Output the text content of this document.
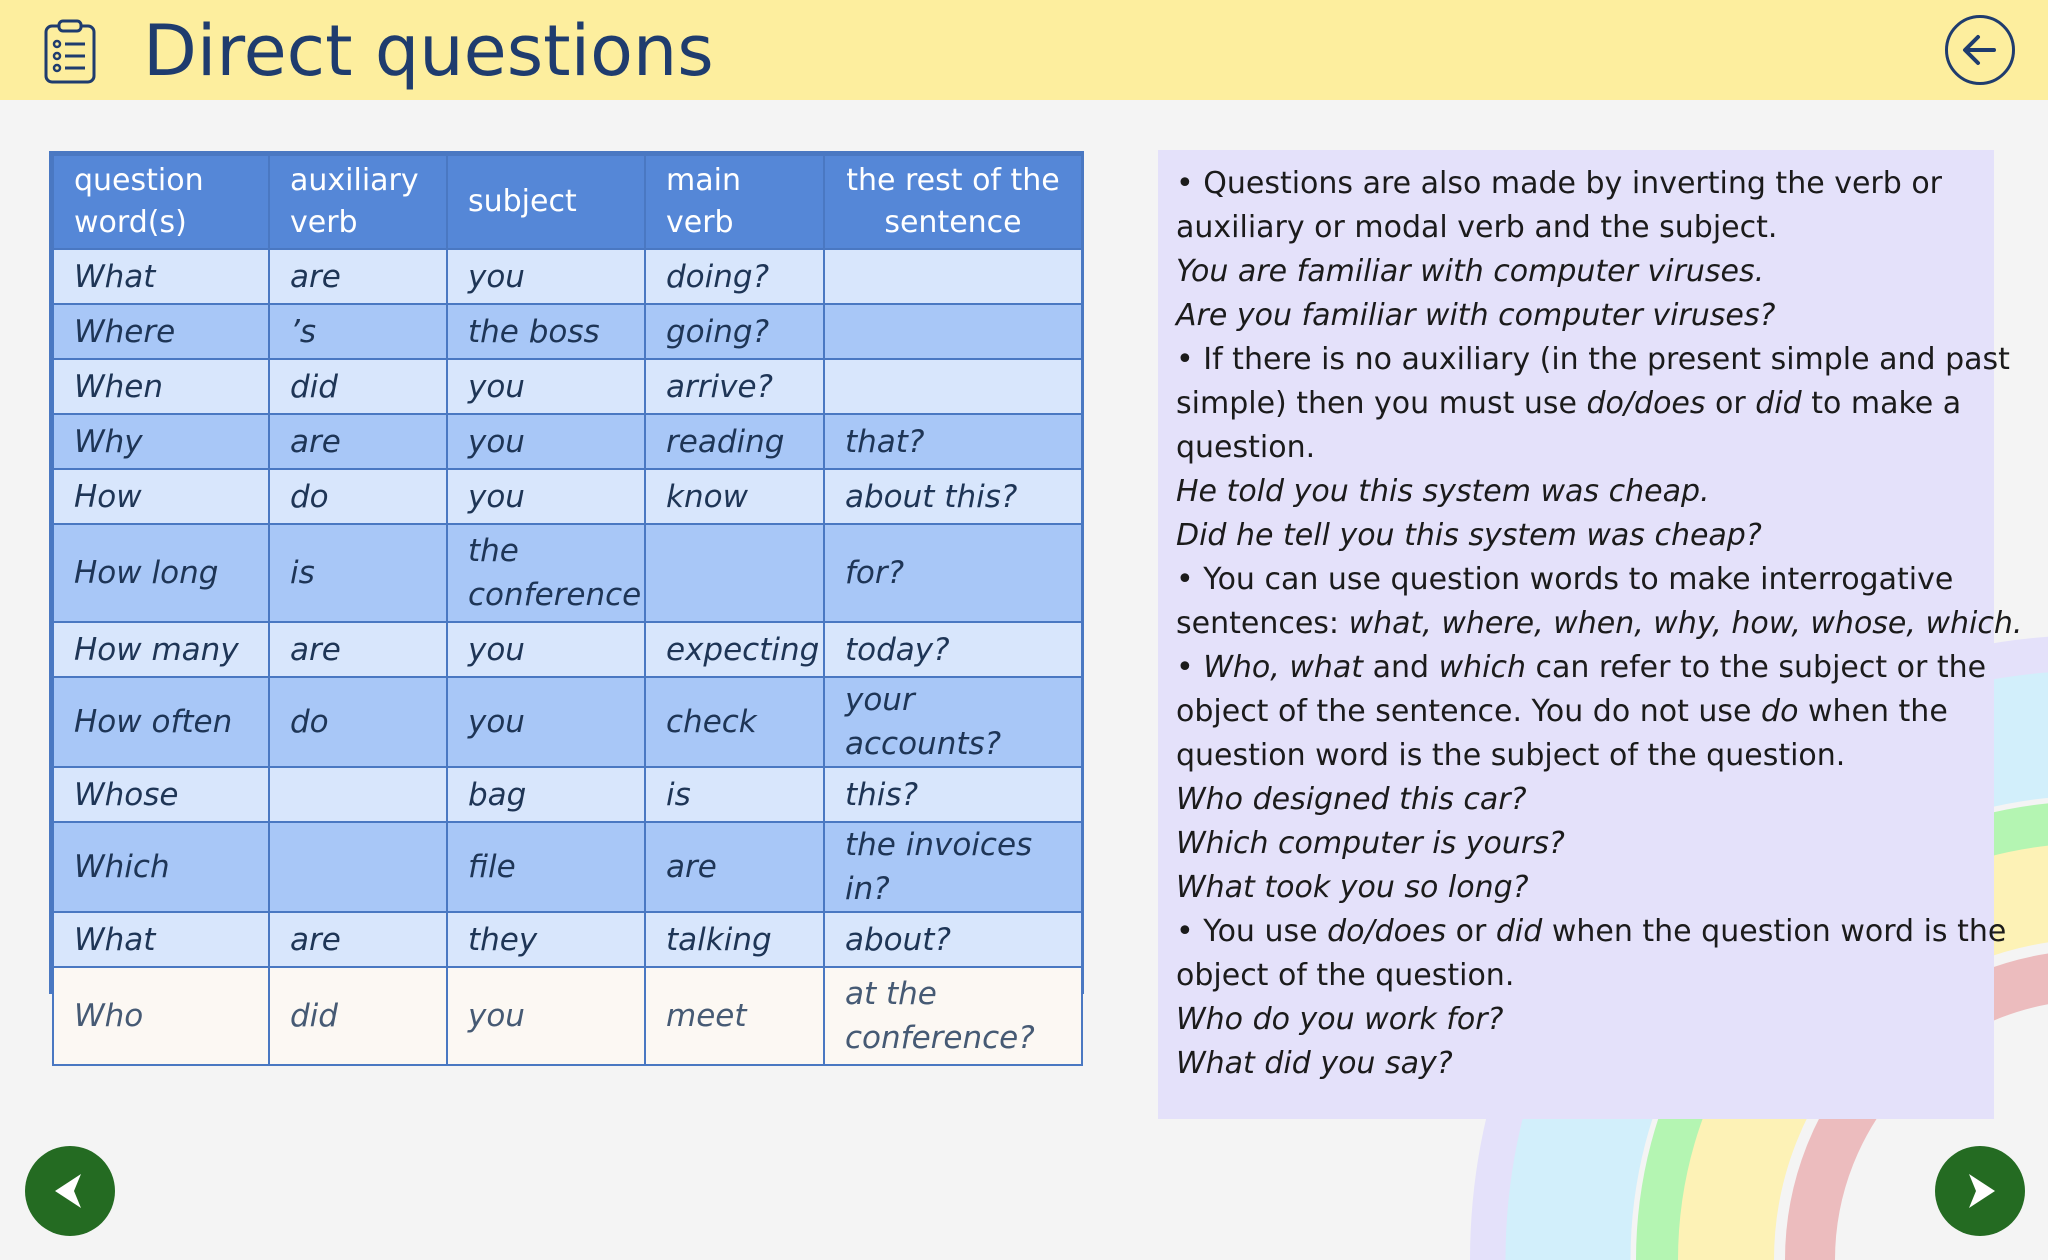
Direct questions
question word(s)	auxiliary verb	subject	main verb	the rest of the sentence
What	are	you	doing?	
Where	’s	the boss	going?	
When	did	you	arrive?	
Why	are	you	reading	that?
How	do	you	know	about this?
How long	is	the conference		for?
How many	are	you	expecting	today?
How often	do	you	check	your accounts?
Whose		bag	is	this?
Which		file	are	the invoices in?
What	are	they	talking	about?
Who	did	you	meet	at the conference?
• Questions are also made by inverting the verb or
auxiliary or modal verb and the subject.
You are familiar with computer viruses.
Are you familiar with computer viruses?
• If there is no auxiliary (in the present simple and past
simple) then you must use do/does or did to make a
question.
He told you this system was cheap.
Did he tell you this system was cheap?
• You can use question words to make interrogative
sentences: what, where, when, why, how, whose, which.
• Who, what and which can refer to the subject or the
object of the sentence. You do not use do when the
question word is the subject of the question.
Who designed this car?
Which computer is yours?
What took you so long?
• You use do/does or did when the question word is the
object of the question.
Who do you work for?
What did you say?
